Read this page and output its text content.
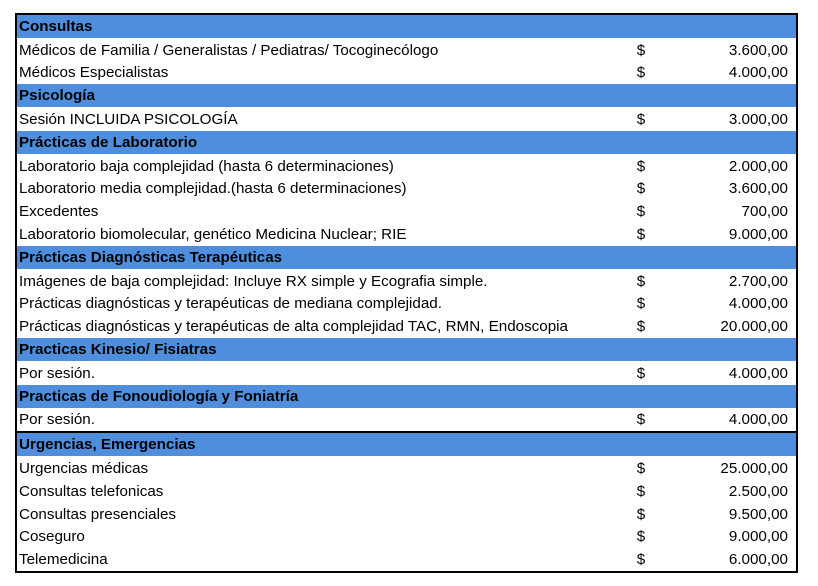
Consultas
Médicos de Familia / Generalistas / Pediatras/ Tocoginecólogo	$	3.600,00
Médicos Especialistas	$	4.000,00
Psicología
Sesión INCLUIDA PSICOLOGÍA	$	3.000,00
Prácticas de Laboratorio
Laboratorio baja complejidad (hasta 6 determinaciones)	$	2.000,00
Laboratorio media complejidad.(hasta 6 determinaciones)	$	3.600,00
Excedentes	$	700,00
Laboratorio biomolecular, genético Medicina Nuclear; RIE	$	9.000,00
Prácticas Diagnósticas Terapéuticas
Imágenes de baja complejidad: Incluye RX simple y Ecografia simple.	$	2.700,00
Prácticas diagnósticas y terapéuticas de mediana complejidad.	$	4.000,00
Prácticas diagnósticas y terapéuticas de alta complejidad TAC, RMN, Endoscopia	$	20.000,00
Practicas Kinesio/ Fisiatras
Por sesión.	$	4.000,00
Practicas de Fonoudiología y Foniatría
Por sesión.	$	4.000,00
Urgencias, Emergencias
Urgencias médicas	$	25.000,00
Consultas telefonicas	$	2.500,00
Consultas presenciales	$	9.500,00
Coseguro	$	9.000,00
Telemedicina	$	6.000,00
